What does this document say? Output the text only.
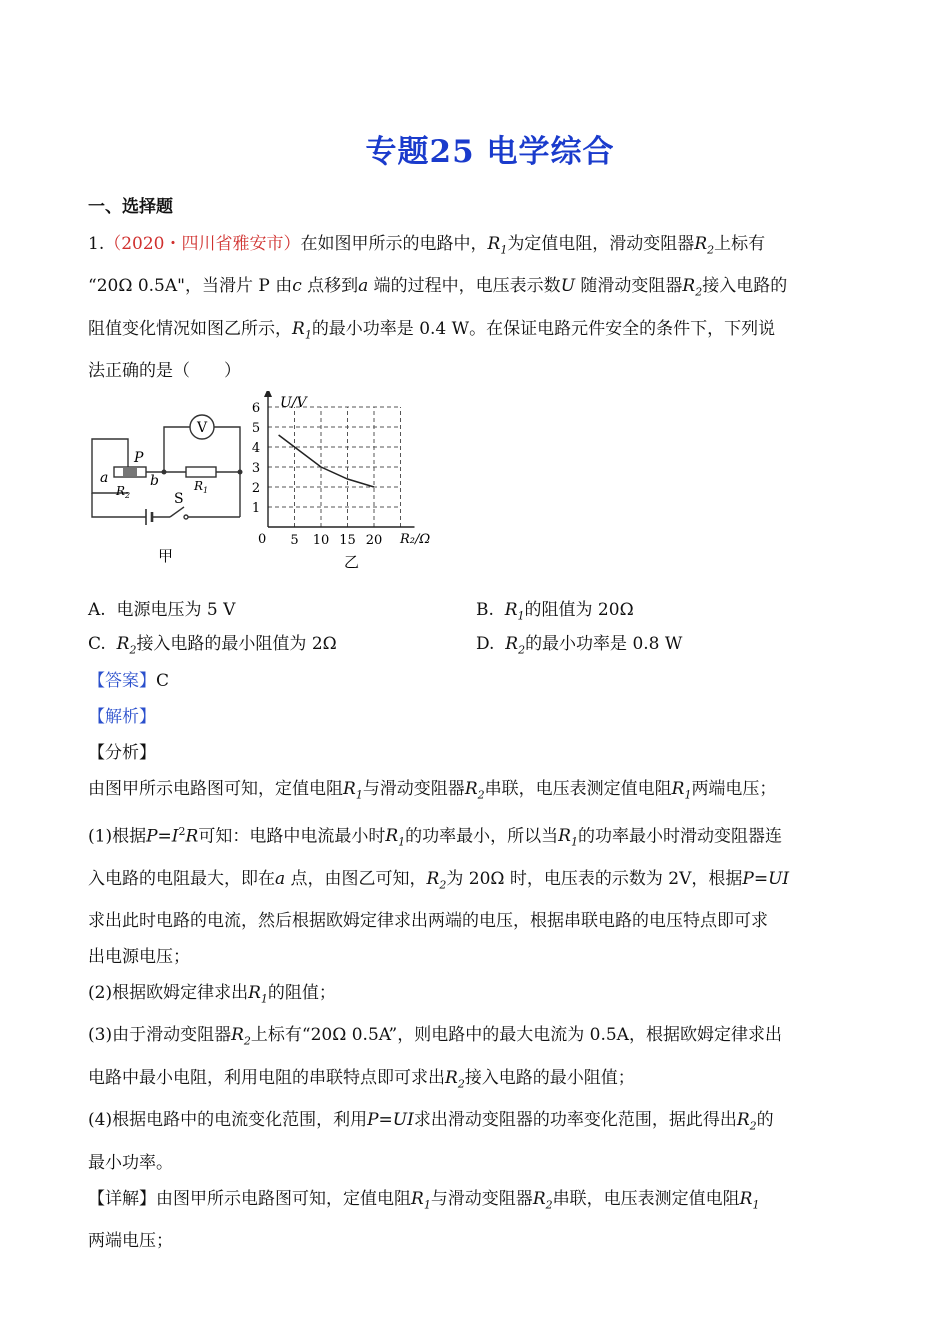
专题25 电学综合
一、选择题
1.（2020・四川省雅安市）在如图甲所示的电路中，$R_1$为定值电阻，滑动变阻器$R_2$上标有
“20Ω 0.5A"，当滑片 P 由c 点移到a 端的过程中，电压表示数U 随滑动变阻器$R_2$接入电路的
阻值变化情况如图乙所示，$R_1$的最小功率是 0.4 W。在保证电路元件安全的条件下，下列说
法正确的是（　　）
V
a	b
P
$R_2$
$R_1$
S
甲
1
2
3
4
5
6
5 10 15 20
U/V
R₂/Ω
0
乙
A. 电源电压为 5 V	B. $R_1$的阻值为 20Ω
C. $R_2$接入电路的最小阻值为 2Ω	D. $R_2$的最小功率是 0.8 W
【答案】C
【解析】
【分析】
由图甲所示电路图可知，定值电阻$R_1$与滑动变阻器$R_2$串联，电压表测定值电阻$R_1$两端电压；
(1)根据$P=I^2R$可知：电路中电流最小时$R_1$的功率最小，所以当$R_1$的功率最小时滑动变阻器连
入电路的电阻最大，即在a 点，由图乙可知，$R_2$为 20Ω 时，电压表的示数为 2V，根据P=UI
求出此时电路的电流，然后根据欧姆定律求出两端的电压，根据串联电路的电压特点即可求
出电源电压；
(2)根据欧姆定律求出$R_1$的阻值；
(3)由于滑动变阻器$R_2$上标有“20Ω 0.5A”，则电路中的最大电流为 0.5A，根据欧姆定律求出
电路中最小电阻，利用电阻的串联特点即可求出$R_2$接入电路的最小阻值；
(4)根据电路中的电流变化范围，利用P=UI求出滑动变阻器的功率变化范围，据此得出$R_2$的
最小功率。
【详解】由图甲所示电路图可知，定值电阻$R_1$与滑动变阻器$R_2$串联，电压表测定值电阻$R_1$
两端电压；
